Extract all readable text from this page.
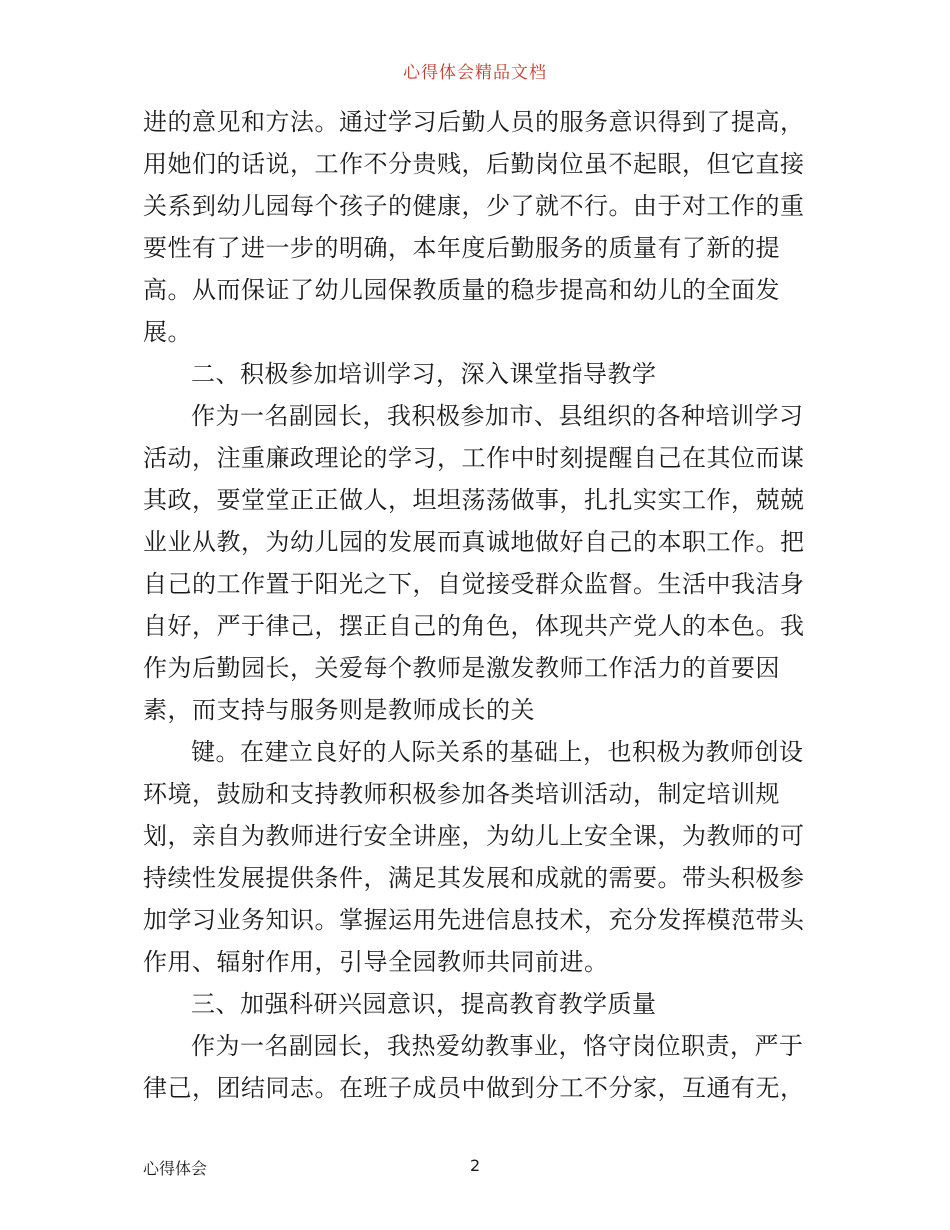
心得体会精品文档
进的意见和方法。通过学习后勤人员的服务意识得到了提高，
用她们的话说，工作不分贵贱，后勤岗位虽不起眼，但它直接
关系到幼儿园每个孩子的健康，少了就不行。由于对工作的重
要性有了进一步的明确，本年度后勤服务的质量有了新的提
高。从而保证了幼儿园保教质量的稳步提高和幼儿的全面发
展。
二、积极参加培训学习，深入课堂指导教学
作为一名副园长，我积极参加市、县组织的各种培训学习
活动，注重廉政理论的学习，工作中时刻提醒自己在其位而谋
其政，要堂堂正正做人，坦坦荡荡做事，扎扎实实工作，兢兢
业业从教，为幼儿园的发展而真诚地做好自己的本职工作。把
自己的工作置于阳光之下，自觉接受群众监督。生活中我洁身
自好，严于律己，摆正自己的角色，体现共产党人的本色。我
作为后勤园长，关爱每个教师是激发教师工作活力的首要因
素，而支持与服务则是教师成长的关
键。在建立良好的人际关系的基础上，也积极为教师创设
环境，鼓励和支持教师积极参加各类培训活动，制定培训规
划，亲自为教师进行安全讲座，为幼儿上安全课，为教师的可
持续性发展提供条件，满足其发展和成就的需要。带头积极参
加学习业务知识。掌握运用先进信息技术，充分发挥模范带头
作用、辐射作用，引导全园教师共同前进。
三、加强科研兴园意识，提高教育教学质量
作为一名副园长，我热爱幼教事业，恪守岗位职责，严于
律己，团结同志。在班子成员中做到分工不分家，互通有无，
心得体会	2
